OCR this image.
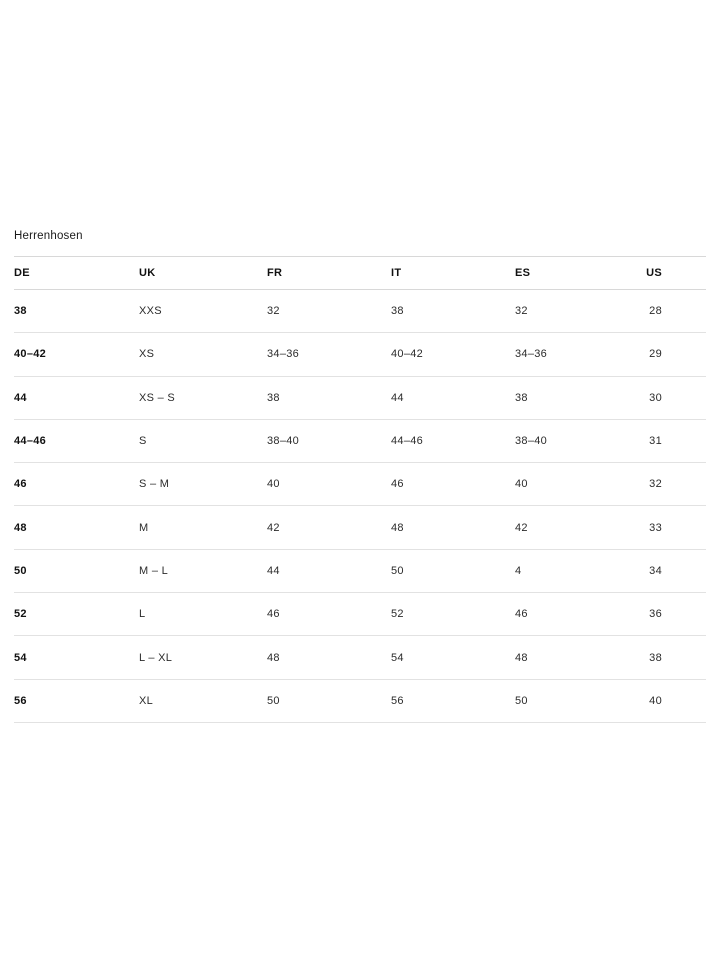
Herrenhosen
DE	UK	FR	IT	ES	US
38	XXS	32	38	32	28
40–42	XS	34–36	40–42	34–36	29
44	XS – S	38	44	38	30
44–46	S	38–40	44–46	38–40	31
46	S – M	40	46	40	32
48	M	42	48	42	33
50	M – L	44	50	4	34
52	L	46	52	46	36
54	L – XL	48	54	48	38
56	XL	50	56	50	40
